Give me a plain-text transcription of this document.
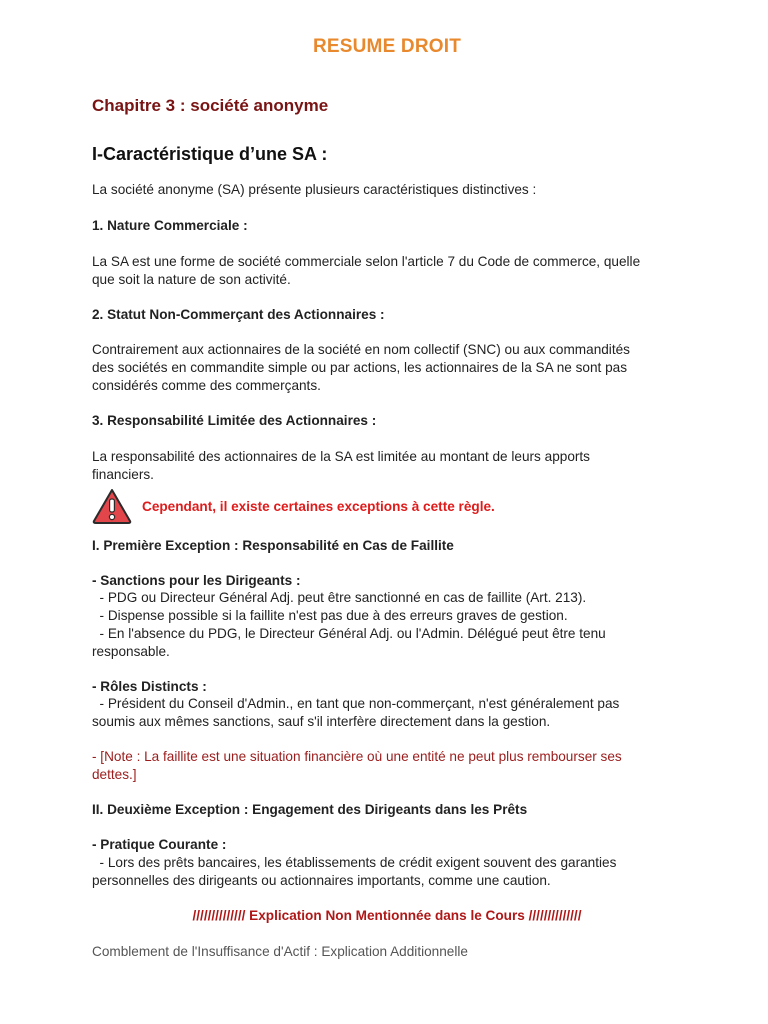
RESUME DROIT
Chapitre 3 : société anonyme
I-Caractéristique d’une SA :

La société anonyme (SA) présente plusieurs caractéristiques distinctives :

1. Nature Commerciale :

La SA est une forme de société commerciale selon l'article 7 du Code de commerce, quelle

que soit la nature de son activité.

2. Statut Non-Commerçant des Actionnaires :

Contrairement aux actionnaires de la société en nom collectif (SNC) ou aux commandités

des sociétés en commandite simple ou par actions, les actionnaires de la SA ne sont pas

considérés comme des commerçants.

3. Responsabilité Limitée des Actionnaires :

La responsabilité des actionnaires de la SA est limitée au montant de leurs apports

financiers.

Cependant, il existe certaines exceptions à cette règle.

I. Première Exception : Responsabilité en Cas de Faillite

- Sanctions pour les Dirigeants :

- PDG ou Directeur Général Adj. peut être sanctionné en cas de faillite (Art. 213).

- Dispense possible si la faillite n'est pas due à des erreurs graves de gestion.

- En l'absence du PDG, le Directeur Général Adj. ou l'Admin. Délégué peut être tenu

responsable.

- Rôles Distincts :

- Président du Conseil d'Admin., en tant que non-commerçant, n'est généralement pas

soumis aux mêmes sanctions, sauf s'il interfère directement dans la gestion.

- [Note : La faillite est une situation financière où une entité ne peut plus rembourser ses

dettes.]

II. Deuxième Exception : Engagement des Dirigeants dans les Prêts

- Pratique Courante :

- Lors des prêts bancaires, les établissements de crédit exigent souvent des garanties

personnelles des dirigeants ou actionnaires importants, comme une caution.

////////////// Explication Non Mentionnée dans le Cours //////////////

Comblement de l'Insuffisance d'Actif : Explication Additionnelle
